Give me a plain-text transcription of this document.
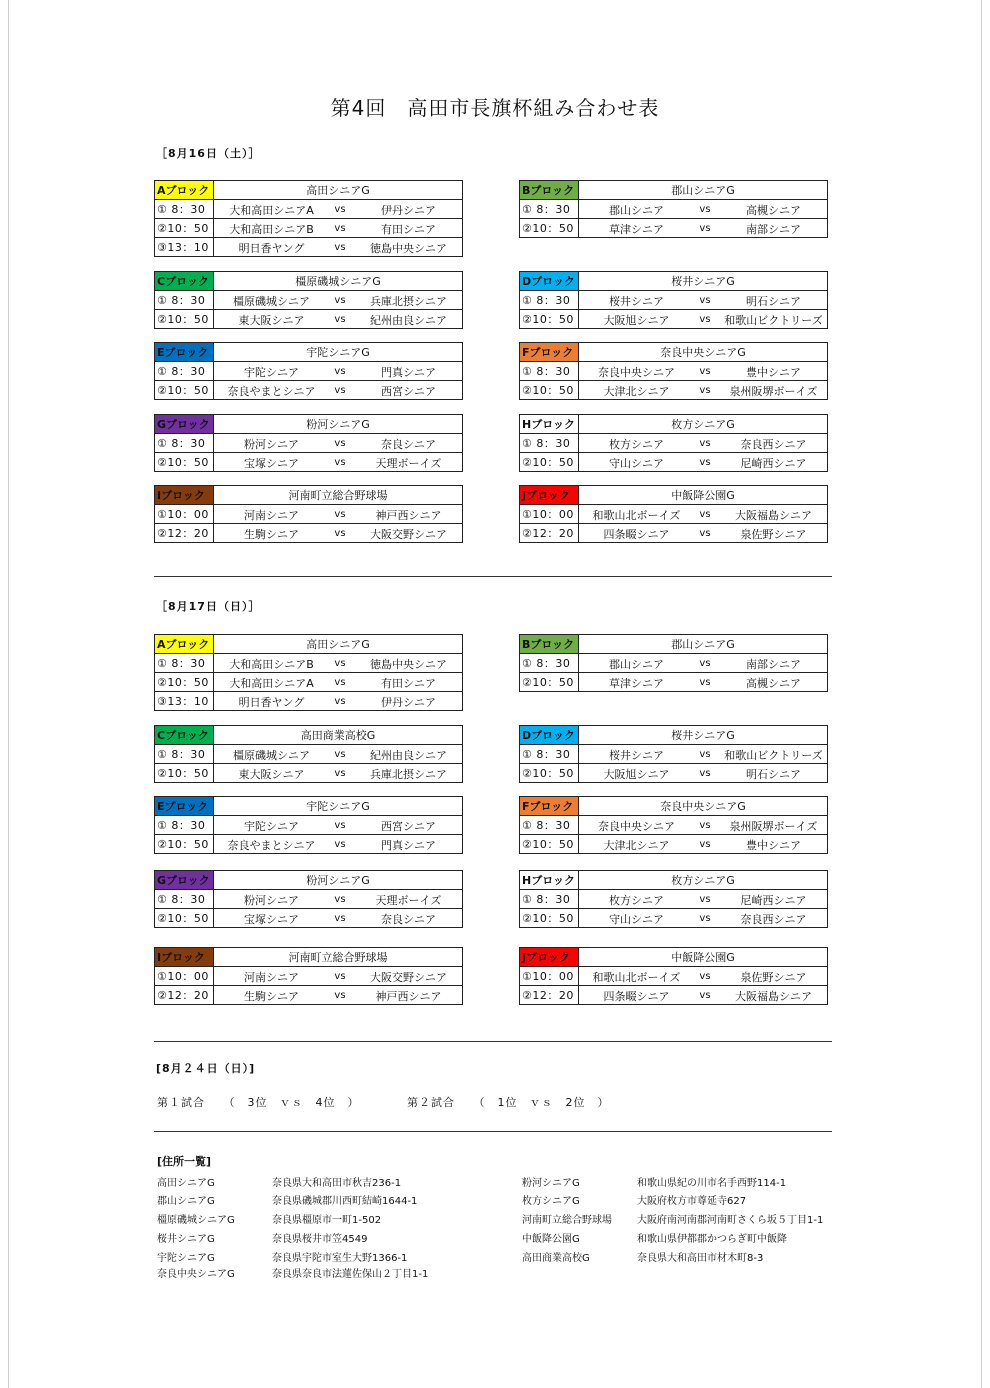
第4回　高田市長旗杯組み合わせ表
［8月16日（土）］
Aブロック	高田シニアG
① 8：30	大和高田シニアA vs 伊丹シニア

②10：50	大和高田シニアB vs 有田シニア

③13：10	明日香ヤング vs 徳島中央シニア
Bブロック	郡山シニアG
① 8：30	郡山シニア vs 高槻シニア

②10：50	草津シニア vs 南部シニア
Cブロック	橿原磯城シニアG
① 8：30	橿原磯城シニア vs 兵庫北摂シニア

②10：50	東大阪シニア vs 紀州由良シニア
Dブロック	桜井シニアG
① 8：30	桜井シニア vs 明石シニア

②10：50	大阪旭シニア vs 和歌山ビクトリーズ
Eブロック	宇陀シニアG
① 8：30	宇陀シニア vs 門真シニア

②10：50	奈良やまとシニア vs 西宮シニア
Fブロック	奈良中央シニアG
① 8：30	奈良中央シニア vs 豊中シニア

②10：50	大津北シニア vs 泉州阪堺ボーイズ
Gブロック	粉河シニアG
① 8：30	粉河シニア vs 奈良シニア

②10：50	宝塚シニア vs 天理ボーイズ
Hブロック	枚方シニアG
① 8：30	枚方シニア vs 奈良西シニア

②10：50	守山シニア vs 尼崎西シニア
Iブロック	河南町立総合野球場
①10：00	河南シニア vs 神戸西シニア

②12：20	生駒シニア vs 大阪交野シニア
Jブロック	中飯降公園G
①10：00	和歌山北ボーイズ vs 大阪福島シニア

②12：20	四条畷シニア vs 泉佐野シニア
［8月17日（日）］
Aブロック	高田シニアG
① 8：30	大和高田シニアB vs 徳島中央シニア

②10：50	大和高田シニアA vs 有田シニア

③13：10	明日香ヤング vs 伊丹シニア
Bブロック	郡山シニアG
① 8：30	郡山シニア vs 南部シニア

②10：50	草津シニア vs 高槻シニア
Cブロック	高田商業高校G
① 8：30	橿原磯城シニア vs 紀州由良シニア

②10：50	東大阪シニア vs 兵庫北摂シニア
Dブロック	桜井シニアG
① 8：30	桜井シニア vs 和歌山ビクトリーズ

②10：50	大阪旭シニア vs 明石シニア
Eブロック	宇陀シニアG
① 8：30	宇陀シニア vs 西宮シニア

②10：50	奈良やまとシニア vs 門真シニア
Fブロック	奈良中央シニアG
① 8：30	奈良中央シニア vs 泉州阪堺ボーイズ

②10：50	大津北シニア vs 豊中シニア
Gブロック	粉河シニアG
① 8：30	粉河シニア vs 天理ボーイズ

②10：50	宝塚シニア vs 奈良シニア
Hブロック	枚方シニアG
① 8：30	枚方シニア vs 尼崎西シニア

②10：50	守山シニア vs 奈良西シニア
Iブロック	河南町立総合野球場
①10：00	河南シニア vs 大阪交野シニア

②12：20	生駒シニア vs 神戸西シニア
Jブロック	中飯降公園G
①10：00	和歌山北ボーイズ vs 泉佐野シニア

②12：20	四条畷シニア vs 大阪福島シニア
[8月２４日（日）]
第１試合　　（　3位　ｖｓ　4位　）	第２試合　　（　1位　ｖｓ　2位　）
[住所一覧]
高田シニアG	奈良県大和高田市秋吉236-1
郡山シニアG	奈良県磯城郡川西町結崎1644-1
橿原磯城シニアG	奈良県橿原市一町1-502
桜井シニアG	奈良県桜井市笠4549
宇陀シニアG	奈良県宇陀市室生大野1366-1
奈良中央シニアG	奈良県奈良市法蓮佐保山２丁目1-1
粉河シニアG	和歌山県紀の川市名手西野114-1
枚方シニアG	大阪府枚方市尊延寺627
河南町立総合野球場	大阪府南河南郡河南町さくら坂５丁目1-1
中飯降公園G	和歌山県伊都郡かつらぎ町中飯降
高田商業高校G	奈良県大和高田市材木町8-3
